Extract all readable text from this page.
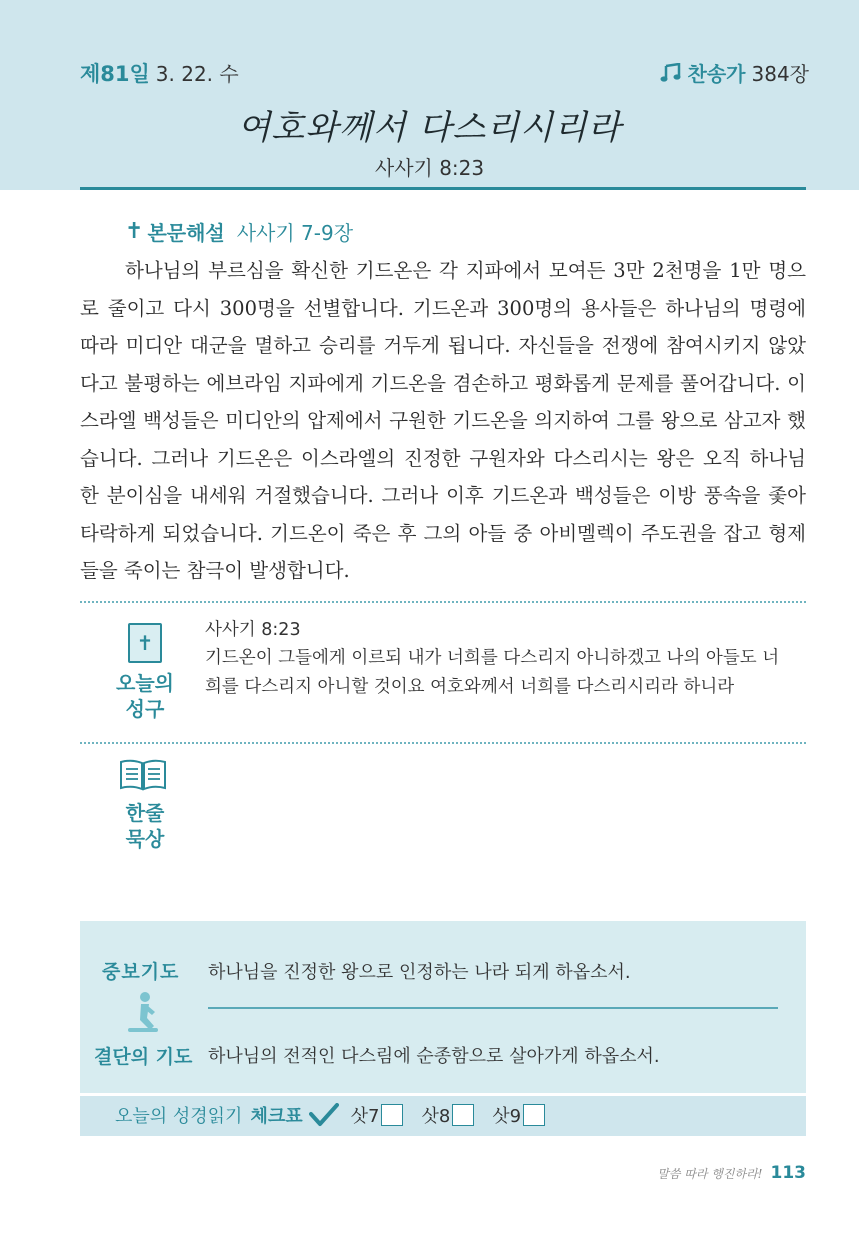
제81일 3. 22. 수	찬송가 384장
여호와께서 다스리시리라
사사기 8:23
✝ 본문해설 사사기 7-9장
하나님의 부르심을 확신한 기드온은 각 지파에서 모여든 3만 2천명을 1만 명으로 줄이고 다시 300명을 선별합니다. 기드온과 300명의 용사들은 하나님의 명령에 따라 미디안 대군을 멸하고 승리를 거두게 됩니다. 자신들을 전쟁에 참여시키지 않았다고 불평하는 에브라임 지파에게 기드온을 겸손하고 평화롭게 문제를 풀어갑니다. 이스라엘 백성들은 미디안의 압제에서 구원한 기드온을 의지하여 그를 왕으로 삼고자 했습니다. 그러나 기드온은 이스라엘의 진정한 구원자와 다스리시는 왕은 오직 하나님 한 분이심을 내세워 거절했습니다. 그러나 이후 기드온과 백성들은 이방 풍속을 좇아 타락하게 되었습니다. 기드온이 죽은 후 그의 아들 중 아비멜렉이 주도권을 잡고 형제들을 죽이는 참극이 발생합니다.
✝
오늘의
성구
사사기 8:23
기드온이 그들에게 이르되 내가 너희를 다스리지 아니하겠고 나의 아들도 너희를 다스리지 아니할 것이요 여호와께서 너희를 다스리시리라 하니라
한줄
묵상
중보기도 하나님을 진정한 왕으로 인정하는 나라 되게 하옵소서.
결단의 기도 하나님의 전적인 다스림에 순종함으로 살아가게 하옵소서.
오늘의 성경읽기 체크표	삿7 삿8 삿9
말씀 따라 행진하라! 113
